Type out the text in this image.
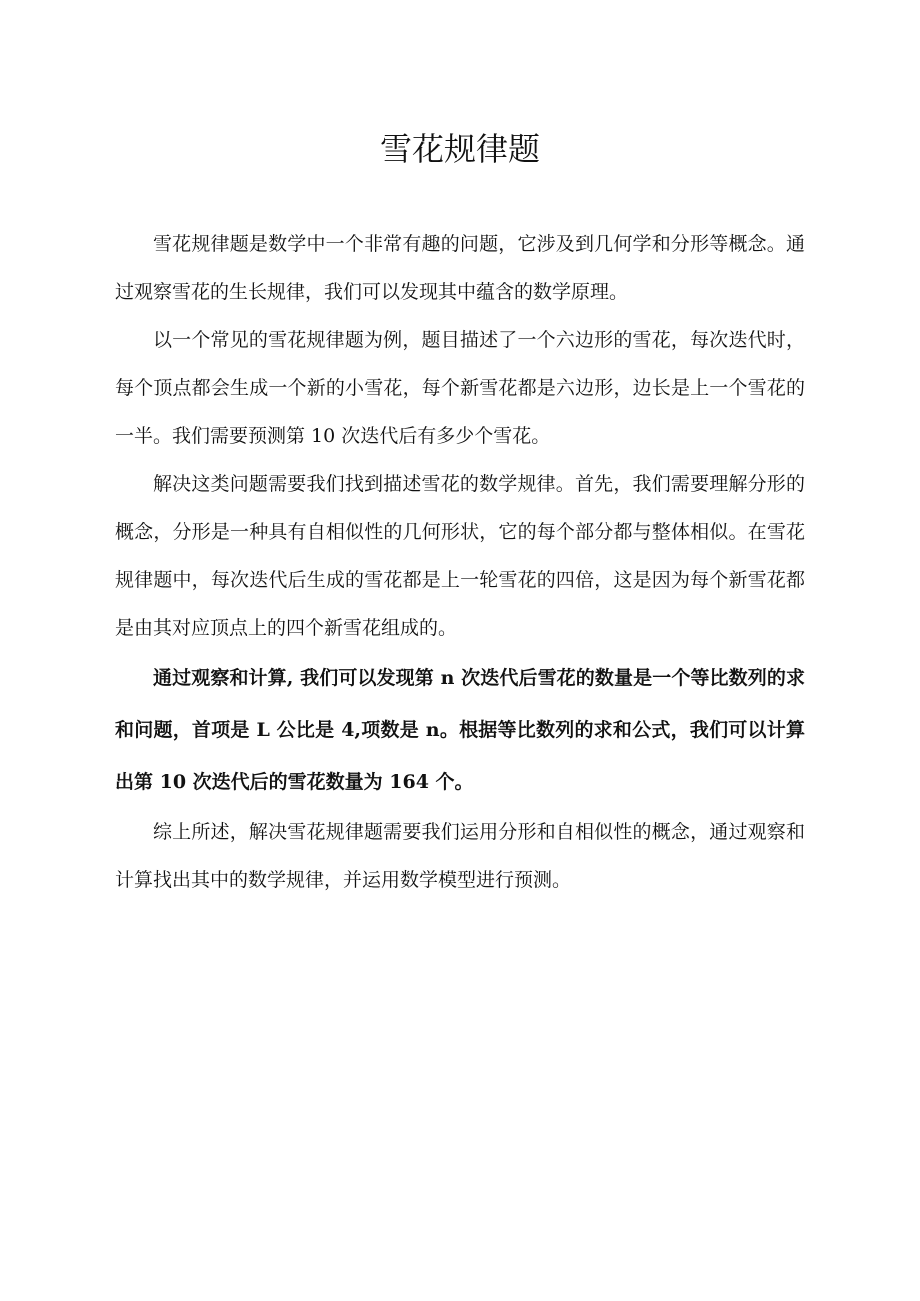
雪花规律题

雪花规律题是数学中一个非常有趣的问题，它涉及到几何学和分形等概念。通过观察雪花的生长规律，我们可以发现其中蕴含的数学原理。

以一个常见的雪花规律题为例，题目描述了一个六边形的雪花，每次迭代时，每个顶点都会生成一个新的小雪花，每个新雪花都是六边形，边长是上一个雪花的一半。我们需要预测第 10 次迭代后有多少个雪花。

解决这类问题需要我们找到描述雪花的数学规律。首先，我们需要理解分形的概念，分形是一种具有自相似性的几何形状，它的每个部分都与整体相似。在雪花规律题中，每次迭代后生成的雪花都是上一轮雪花的四倍，这是因为每个新雪花都是由其对应顶点上的四个新雪花组成的。

通过观察和计算, 我们可以发现第 n 次迭代后雪花的数量是一个等比数列的求和问题，首项是 L 公比是 4,项数是 n。根据等比数列的求和公式，我们可以计算出第 10 次迭代后的雪花数量为 164 个。

综上所述，解决雪花规律题需要我们运用分形和自相似性的概念，通过观察和计算找出其中的数学规律，并运用数学模型进行预测。
